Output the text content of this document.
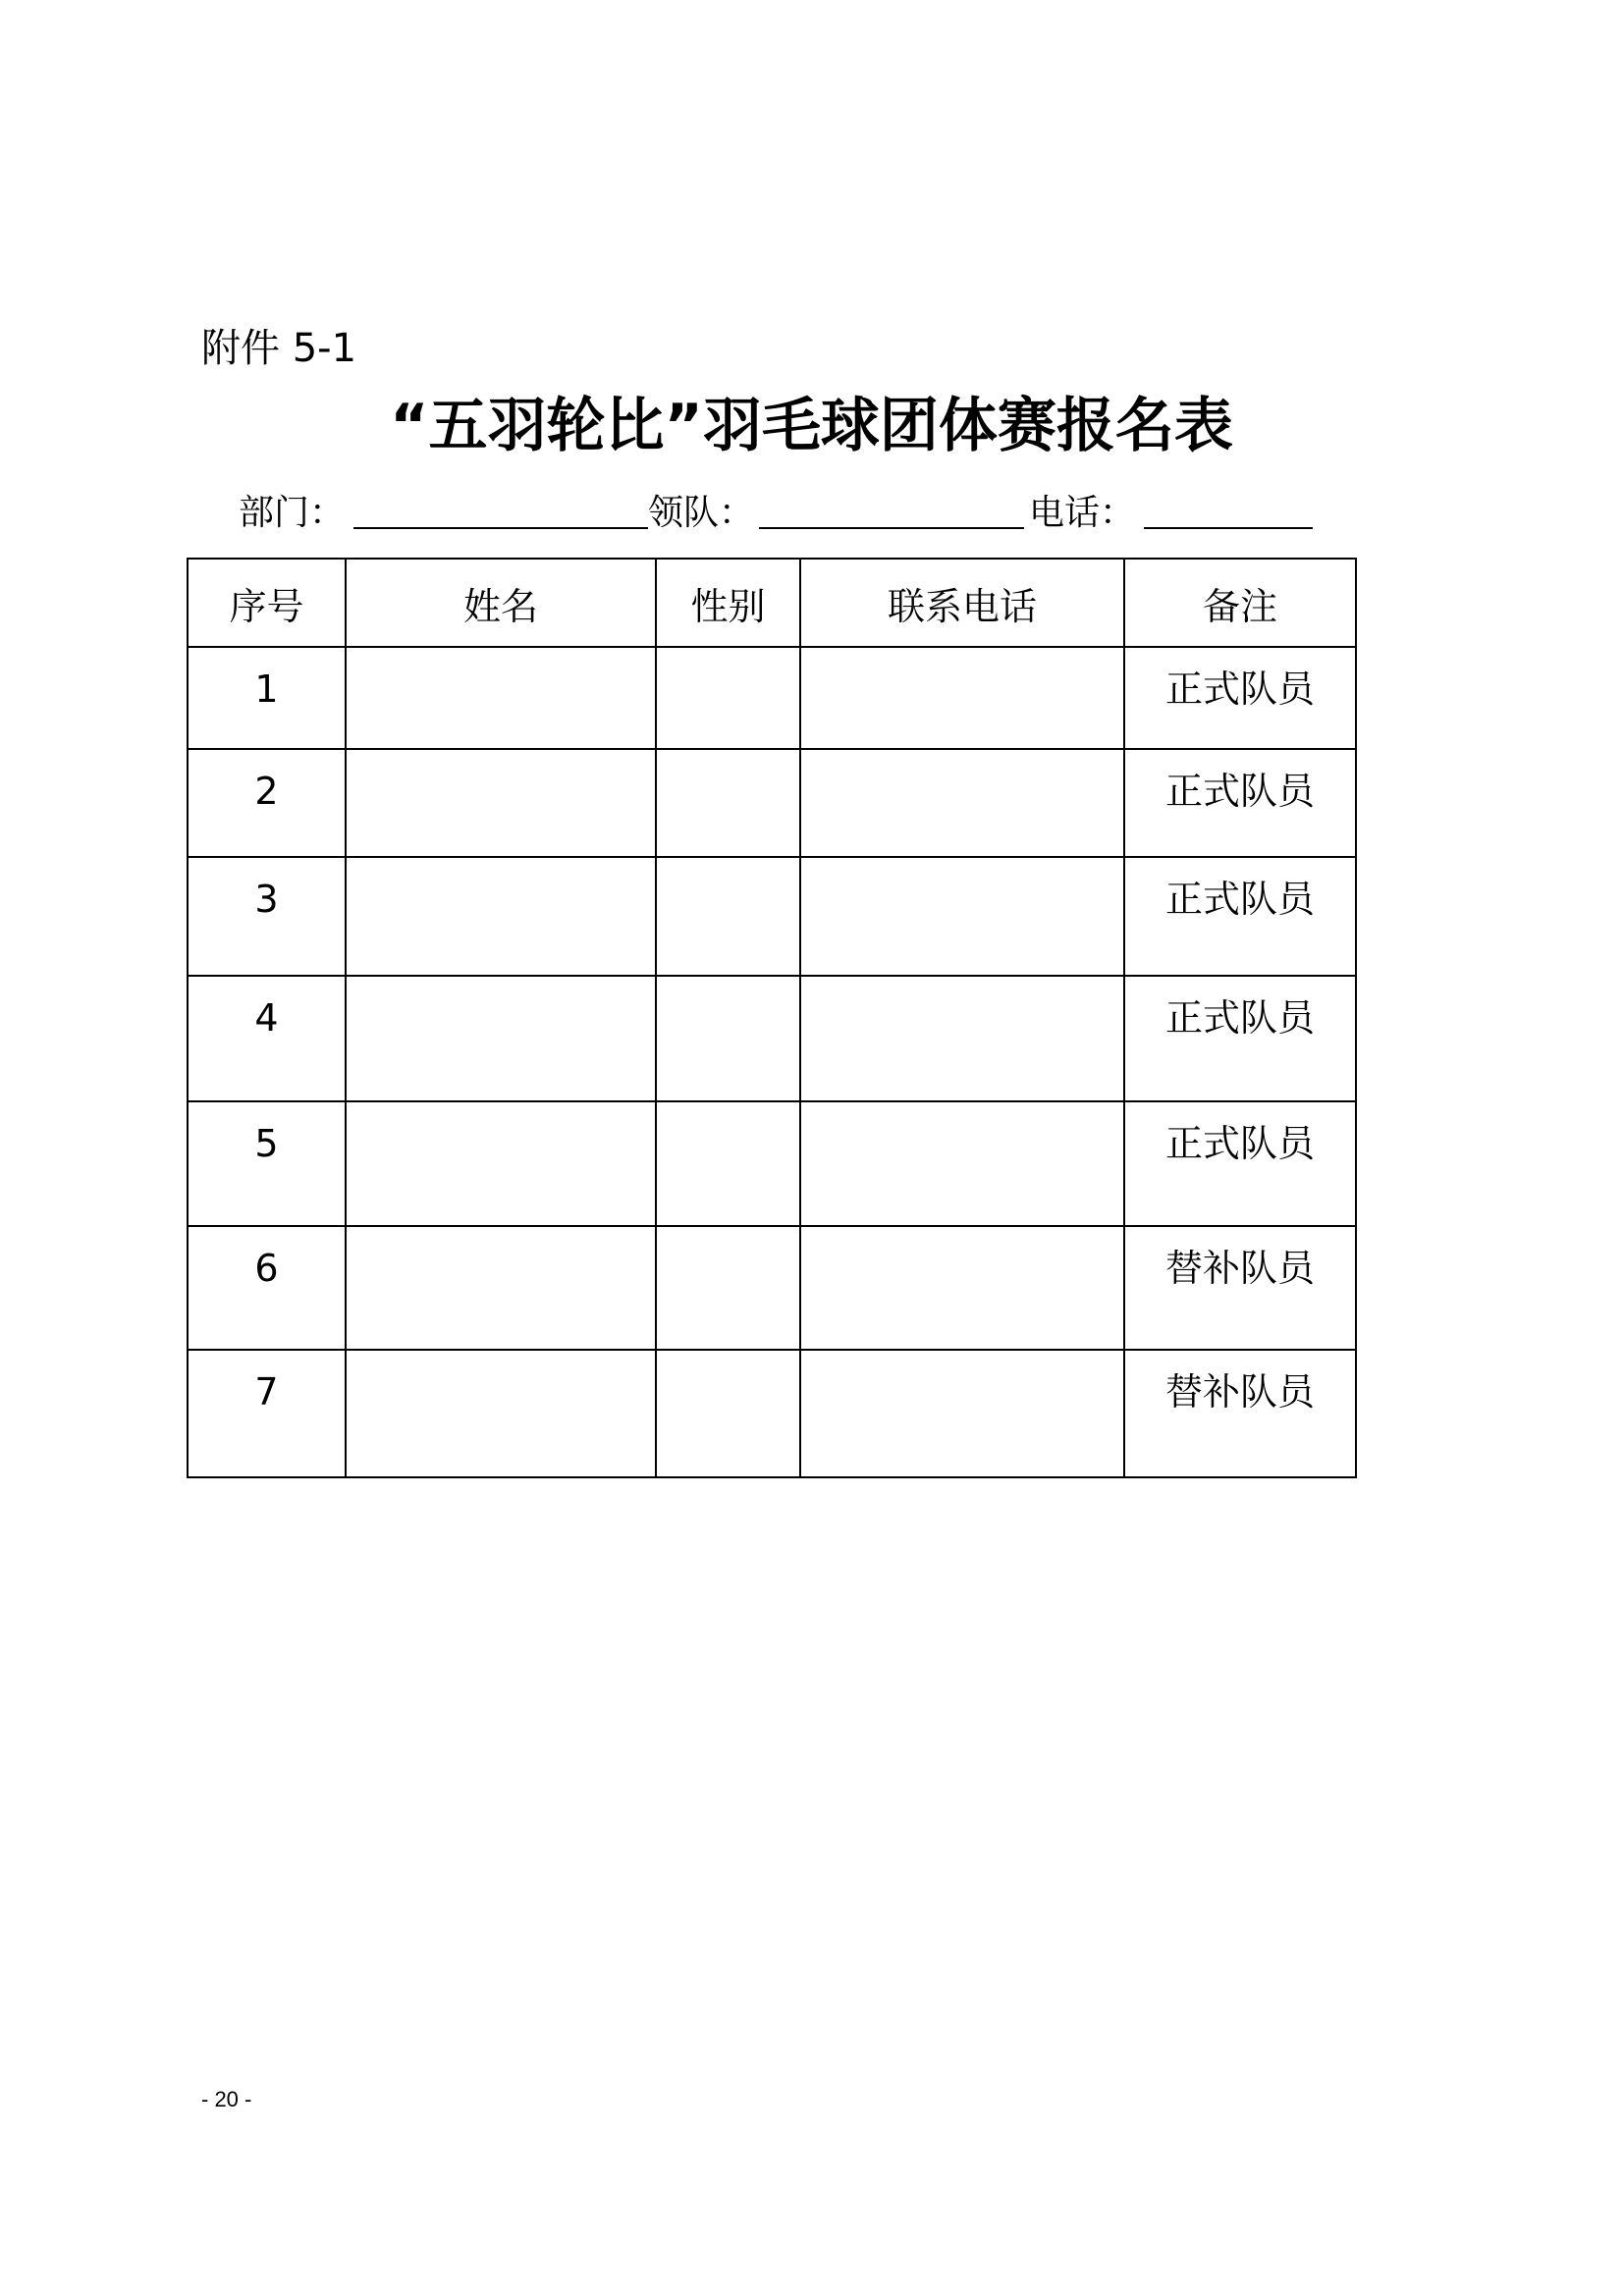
附件 5-1
“五羽轮比”羽毛球团体赛报名表
部门：	领队：	电话：
序号	姓名	性别	联系电话	备注
1				正式队员
2				正式队员
3				正式队员
4				正式队员
5				正式队员
6				替补队员
7				替补队员
- 20 -
